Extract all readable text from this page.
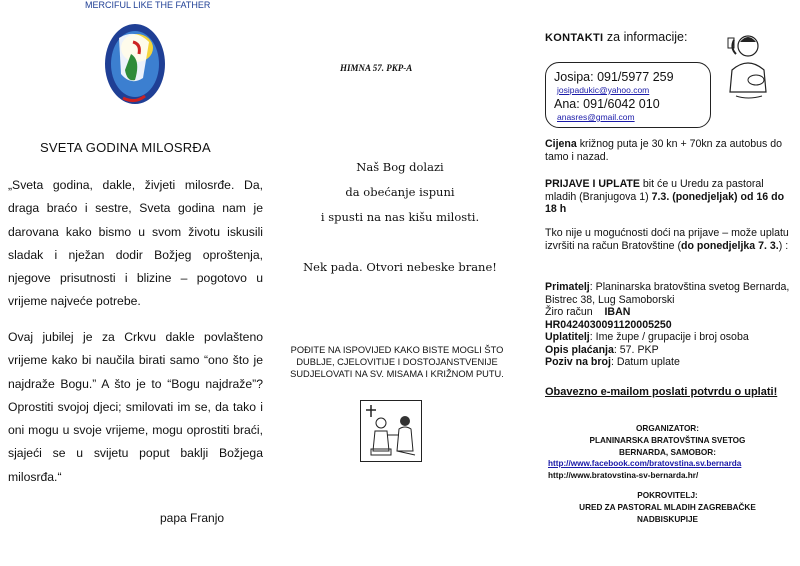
MERCIFUL LIKE THE FATHER
SVETA GODINA MILOSRĐA

„Sveta godina, dakle, živjeti milosrđe. Da, draga braćo i sestre, Sveta godina nam je darovana kako bismo u svom životu iskusili sladak i nježan dodir Božjeg oproštenja, njegove prisutnosti i blizine – pogotovo u vrijeme najveće potrebe.

Ovaj jubilej je za Crkvu dakle povlašteno vrijeme kako bi naučila birati samo “ono što je najdraže Bogu.” A što je to “Bogu najdraže”? Oprostiti svojoj djeci; smilovati im se, da tako i oni mogu u svoje vrijeme, mogu oprostiti braći, sjajeći se u svijetu poput baklji Božjega milosrđa.“

papa Franjo
HIMNA 57. PKP-A
Naš Bog dolazi
da obećanje ispuni
i spusti na nas kišu milosti.
Nek pada. Otvori nebeske brane!
POĐITE NA ISPOVIJED KAKO BISTE MOGLI ŠTO DUBLJE, CJELOVITIJE I DOSTOJANSTVENIJE SUDJELOVATI NA SV. MISAMA I KRIŽNOM PUTU.
KONTAKTI za informacije:
Josipa: 091/5977 259
josipadukic@yahoo.com
Ana: 091/6042 010
anasres@gmail.com
Cijena križnog puta je 30 kn + 70kn za autobus do tamo i nazad.
PRIJAVE I UPLATE bit će u Uredu za pastoral mladih (Branjugova 1) 7.3. (ponedjeljak) od 16 do 18 h
Tko nije u mogućnosti doći na prijave – može uplatu izvršiti na račun Bratovštine (do ponedjeljka 7. 3.) :
Primatelj: Planinarska bratovština svetog Bernarda, Bistrec 38, Lug Samoborski
Žiro račun IBAN
HR0424030091120005250
Uplatitelj: Ime župe / grupacije i broj osoba
Opis plaćanja: 57. PKP
Poziv na broj: Datum uplate
Obavezno e-mailom poslati potvrdu o uplati!
ORGANIZATOR:
PLANINARSKA BRATOVŠTINA SVETOG
BERNARDA, SAMOBOR:
http://www.facebook.com/bratovstina.sv.bernarda
http://www.bratovstina-sv-bernarda.hr/
POKROVITELJ:
URED ZA PASTORAL MLADIH ZAGREBAČKE
NADBISKUPIJE
